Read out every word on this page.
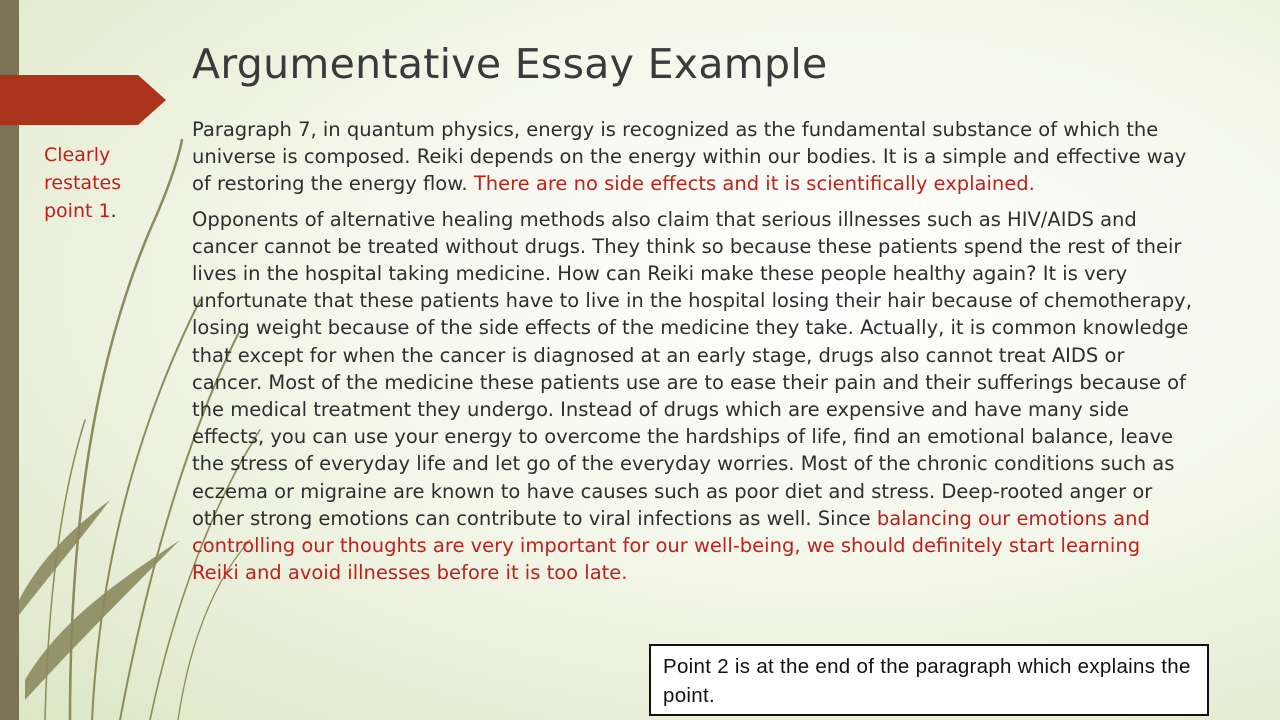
Argumentative Essay Example
Clearly restates point 1.

Paragraph 7, in quantum physics, energy is recognized as the fundamental substance of which the universe is composed. Reiki depends on the energy within our bodies. It is a simple and effective way of restoring the energy flow. There are no side effects and it is scientifically explained.

Opponents of alternative healing methods also claim that serious illnesses such as HIV/AIDS and cancer cannot be treated without drugs. They think so because these patients spend the rest of their lives in the hospital taking medicine. How can Reiki make these people healthy again? It is very unfortunate that these patients have to live in the hospital losing their hair because of chemotherapy, losing weight because of the side effects of the medicine they take. Actually, it is common knowledge that except for when the cancer is diagnosed at an early stage, drugs also cannot treat AIDS or cancer. Most of the medicine these patients use are to ease their pain and their sufferings because of the medical treatment they undergo. Instead of drugs which are expensive and have many side effects, you can use your energy to overcome the hardships of life, find an emotional balance, leave the stress of everyday life and let go of the everyday worries. Most of the chronic conditions such as eczema or migraine are known to have causes such as poor diet and stress. Deep-rooted anger or other strong emotions can contribute to viral infections as well. Since balancing our emotions and controlling our thoughts are very important for our well-being, we should definitely start learning Reiki and avoid illnesses before it is too late.

Point 2 is at the end of the paragraph which explains the point.
